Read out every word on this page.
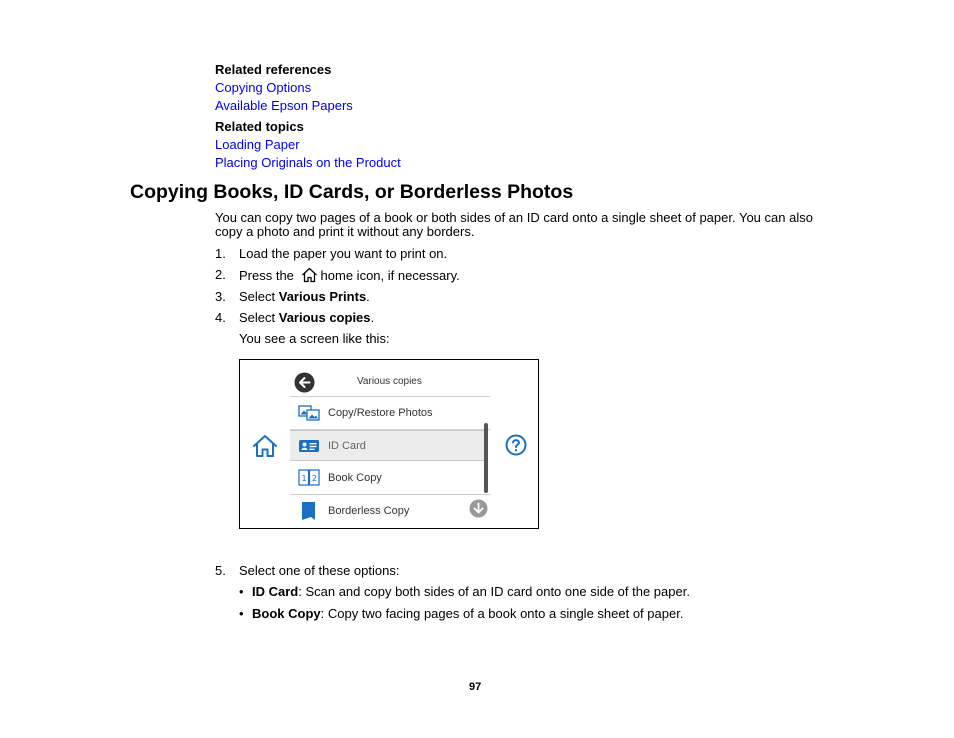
Related references
Copying Options
Available Epson Papers
Related topics
Loading Paper
Placing Originals on the Product
Copying Books, ID Cards, or Borderless Photos
You can copy two pages of a book or both sides of an ID card onto a single sheet of paper. You can also
copy a photo and print it without any borders.
1. Load the paper you want to print on.
2. Press the home icon, if necessary.
3. Select Various Prints.
4. Select Various copies.
You see a screen like this:
Various copies
Copy/Restore Photos
ID Card
1 2 Book Copy
Borderless Copy
5. Select one of these options:
• ID Card: Scan and copy both sides of an ID card onto one side of the paper.
• Book Copy: Copy two facing pages of a book onto a single sheet of paper.
97
